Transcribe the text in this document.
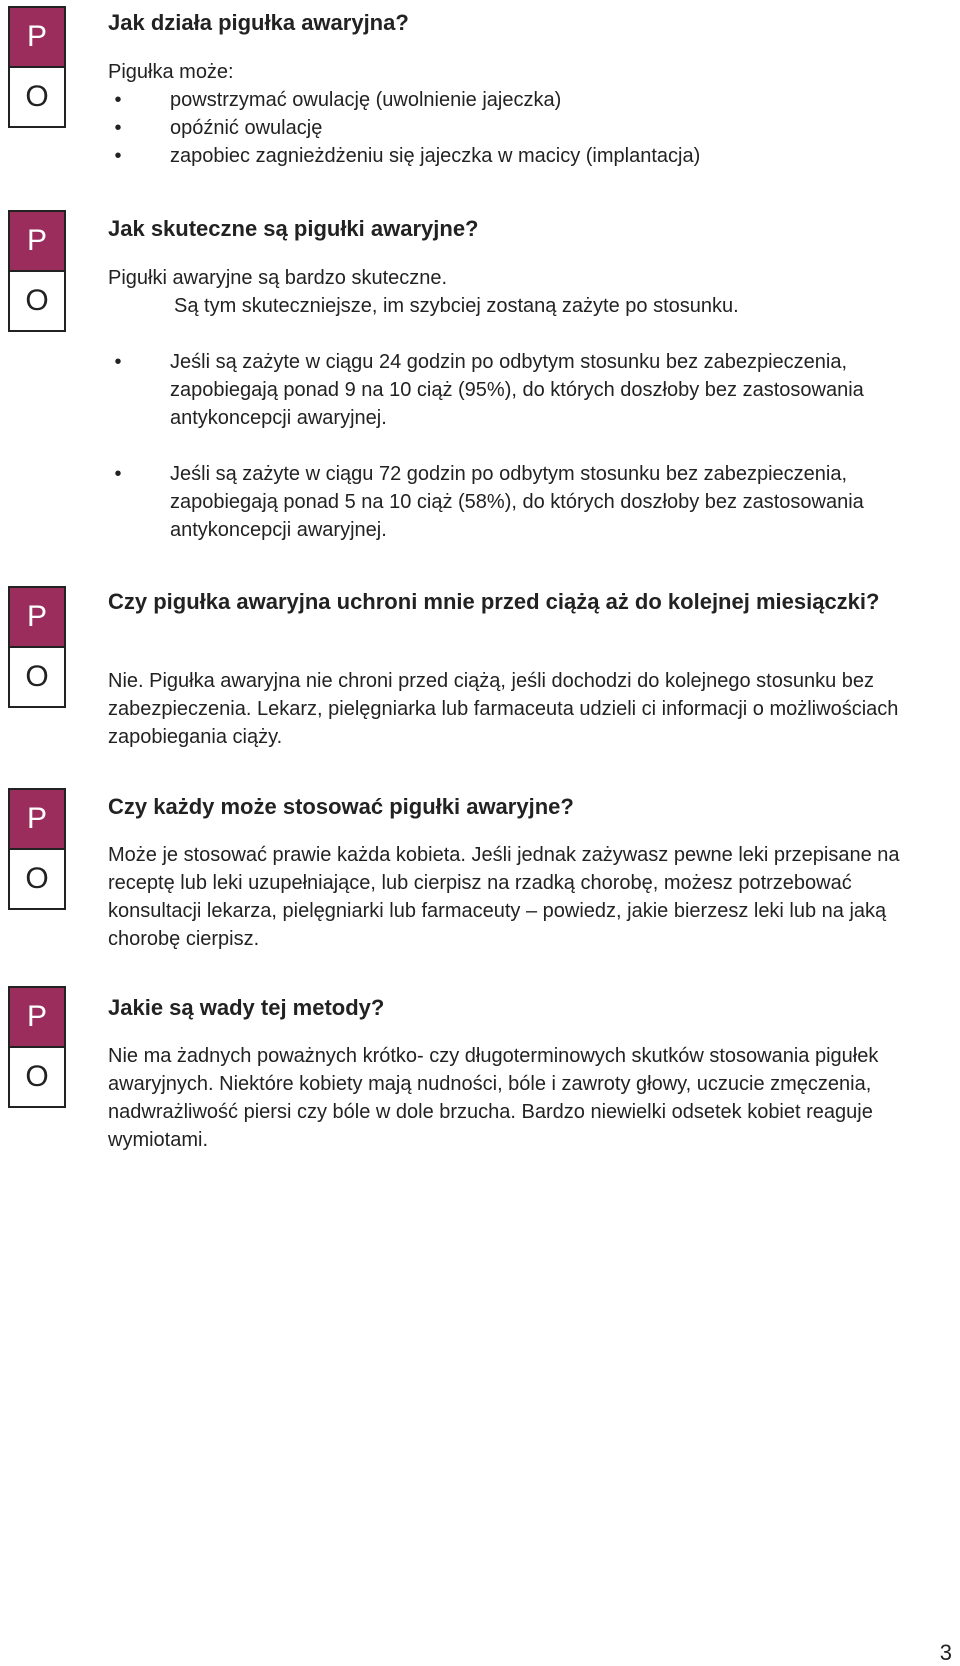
P
O
Jak działa pigułka awaryjna?
Pigułka może:
•	powstrzymać owulację (uwolnienie jajeczka)
•	opóźnić owulację
•	zapobiec zagnieżdżeniu się jajeczka w macicy (implantacja)
P
O
Jak skuteczne są pigułki awaryjne?
Pigułki awaryjne są bardzo skuteczne.
Są tym skuteczniejsze, im szybciej zostaną zażyte po stosunku.
•	Jeśli są zażyte w ciągu 24 godzin po odbytym stosunku bez zabezpieczenia, zapobiegają ponad 9 na 10 ciąż (95%), do których doszłoby bez zastosowania antykoncepcji awaryjnej.
•	Jeśli są zażyte w ciągu 72 godzin po odbytym stosunku bez zabezpieczenia, zapobiegają ponad 5 na 10 ciąż (58%), do których doszłoby bez zastosowania antykoncepcji awaryjnej.
P
O
Czy pigułka awaryjna uchroni mnie przed ciążą aż do kolejnej miesiączki?
Nie. Pigułka awaryjna nie chroni przed ciążą, jeśli dochodzi do kolejnego stosunku bez zabezpieczenia. Lekarz, pielęgniarka lub farmaceuta udzieli ci informacji o możliwościach zapobiegania ciąży.
P
O
Czy każdy może stosować pigułki awaryjne?
Może je stosować prawie każda kobieta. Jeśli jednak zażywasz pewne leki przepisane na receptę lub leki uzupełniające, lub cierpisz na rzadką chorobę, możesz potrzebować konsultacji lekarza, pielęgniarki lub farmaceuty – powiedz, jakie bierzesz leki lub na jaką chorobę cierpisz.
P
O
Jakie są wady tej metody?
Nie ma żadnych poważnych krótko- czy długoterminowych skutków stosowania pigułek awaryjnych. Niektóre kobiety mają nudności, bóle i zawroty głowy, uczucie zmęczenia, nadwrażliwość piersi czy bóle w dole brzucha. Bardzo niewielki odsetek kobiet reaguje wymiotami.
3
